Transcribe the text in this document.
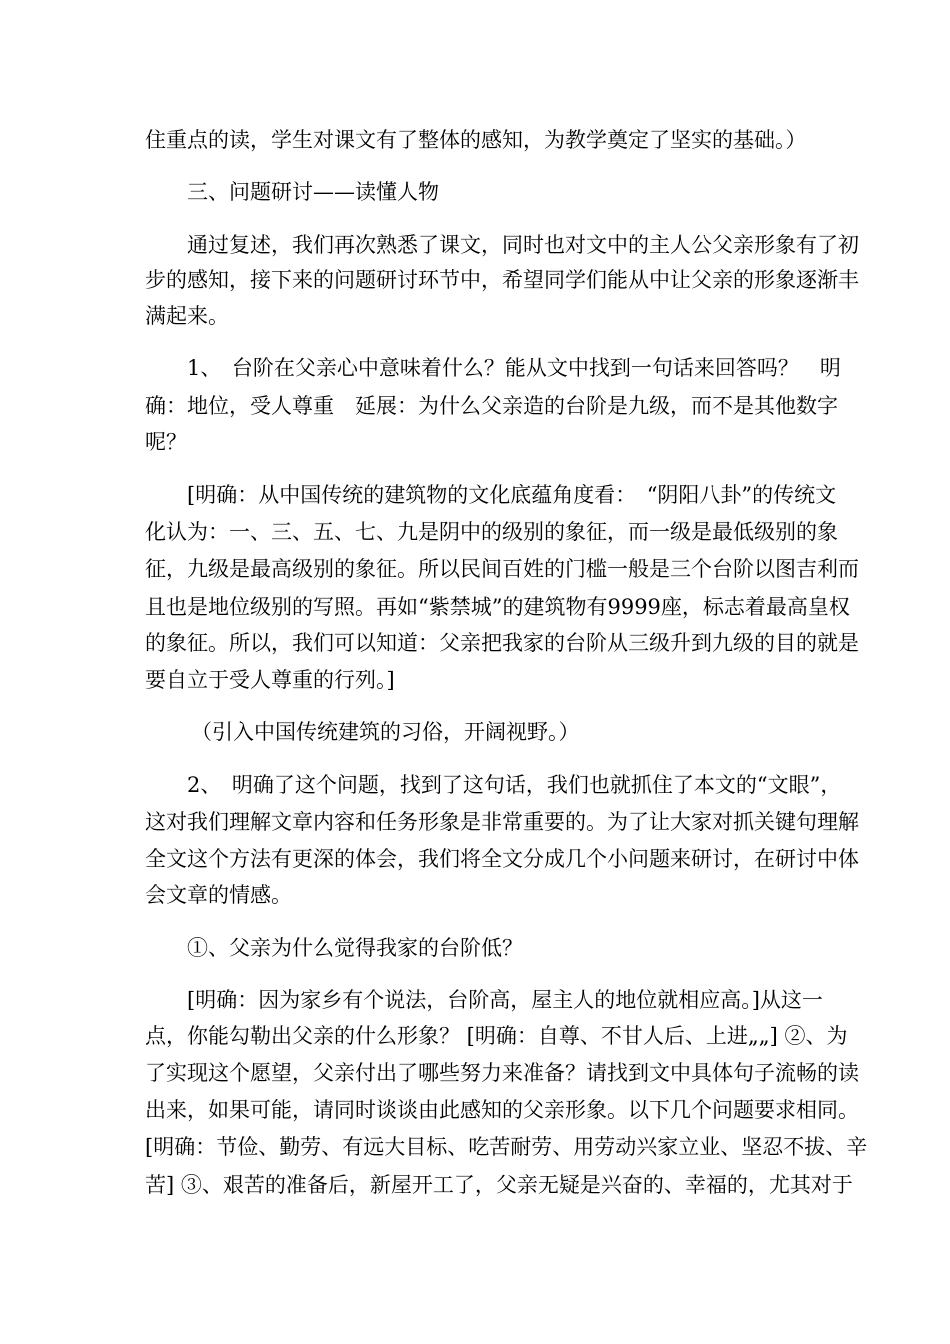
住重点的读，学生对课文有了整体的感知，为教学奠定了坚实的基础。）
三、问题研讨——读懂人物
通过复述，我们再次熟悉了课文，同时也对文中的主人公父亲形象有了初
步的感知，接下来的问题研讨环节中，希望同学们能从中让父亲的形象逐渐丰
满起来。
1、　台阶在父亲心中意味着什么？能从文中找到一句话来回答吗？　明
确：地位，受人尊重　延展：为什么父亲造的台阶是九级，而不是其他数字
呢？
[明确：从中国传统的建筑物的文化底蕴角度看：　“阴阳八卦”的传统文
化认为：一、三、五、七、九是阴中的级别的象征，而一级是最低级别的象
征，九级是最高级别的象征。所以民间百姓的门槛一般是三个台阶以图吉利而
且也是地位级别的写照。再如“紫禁城”的建筑物有9999座，标志着最高皇权
的象征。所以，我们可以知道：父亲把我家的台阶从三级升到九级的目的就是
要自立于受人尊重的行列。]
（引入中国传统建筑的习俗，开阔视野。）
2、　明确了这个问题，找到了这句话，我们也就抓住了本文的“文眼”，
这对我们理解文章内容和任务形象是非常重要的。为了让大家对抓关键句理解
全文这个方法有更深的体会，我们将全文分成几个小问题来研讨，在研讨中体
会文章的情感。
①、父亲为什么觉得我家的台阶低？
[明确：因为家乡有个说法，台阶高，屋主人的地位就相应高。]从这一
点，你能勾勒出父亲的什么形象？ [明确：自尊、不甘人后、上进„„] ②、为
了实现这个愿望，父亲付出了哪些努力来准备？请找到文中具体句子流畅的读
出来，如果可能，请同时谈谈由此感知的父亲形象。以下几个问题要求相同。
[明确：节俭、勤劳、有远大目标、吃苦耐劳、用劳动兴家立业、坚忍不拔、辛
苦] ③、艰苦的准备后，新屋开工了，父亲无疑是兴奋的、幸福的，尤其对于
